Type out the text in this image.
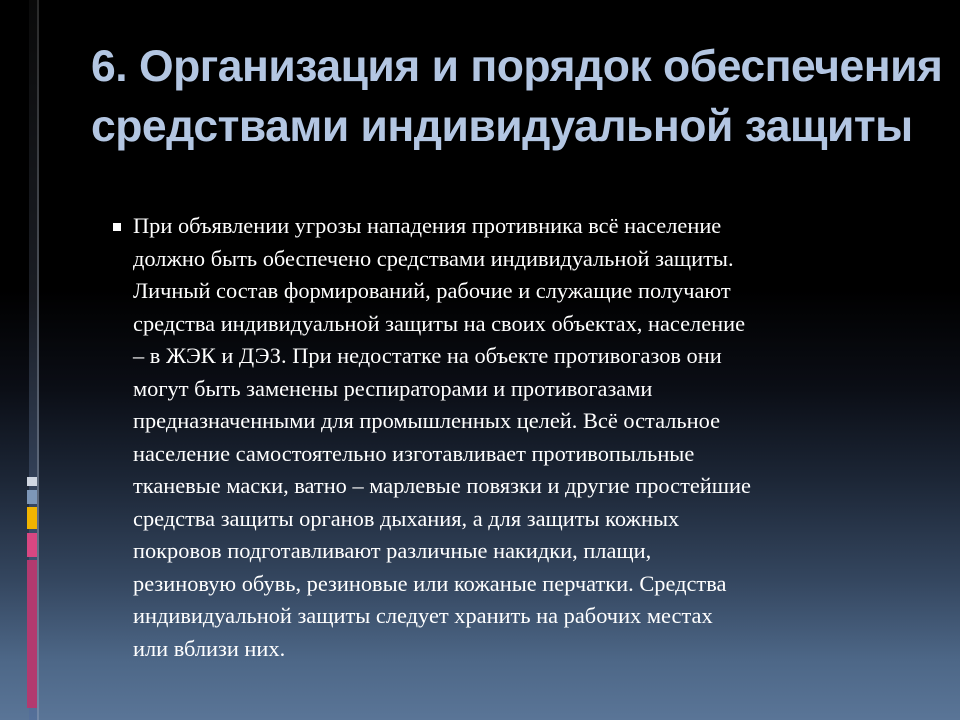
6. Организация и порядок обеспечения
средствами индивидуальной защиты

При объявлении угрозы нападения противника всё население
должно быть обеспечено средствами индивидуальной защиты.
Личный состав формирований, рабочие и служащие получают
средства индивидуальной защиты на своих объектах, население
– в ЖЭК и ДЭЗ. При недостатке на объекте противогазов они
могут быть заменены респираторами и противогазами
предназначенными для промышленных целей. Всё остальное
население самостоятельно изготавливает противопыльные
тканевые маски, ватно – марлевые повязки и другие простейшие
средства защиты органов дыхания, а для защиты кожных
покровов подготавливают различные накидки, плащи,
резиновую обувь, резиновые или кожаные перчатки. Средства
индивидуальной защиты следует хранить на рабочих местах
или вблизи них.
